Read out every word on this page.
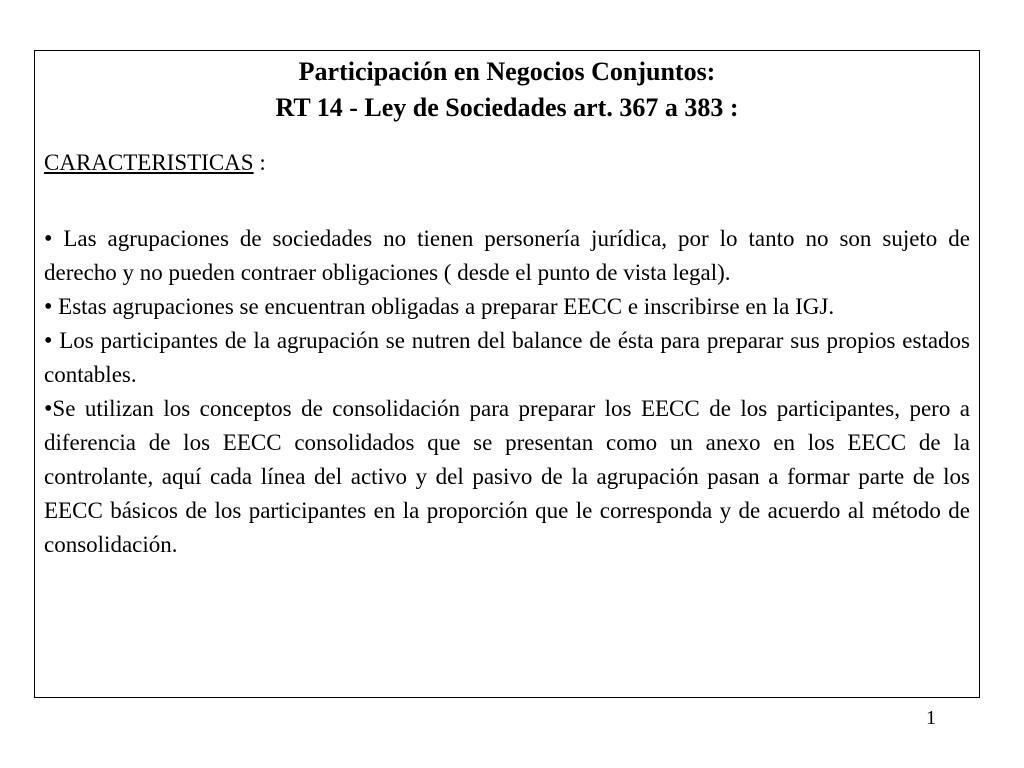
Participación en Negocios Conjuntos:
RT 14 - Ley de Sociedades art. 367 a 383 :

CARACTERISTICAS :

• Las agrupaciones de sociedades no tienen personería jurídica, por lo tanto no son sujeto de derecho y no pueden contraer obligaciones ( desde el punto de vista legal).

• Estas agrupaciones se encuentran obligadas a preparar EECC e inscribirse en la IGJ.

• Los participantes de la agrupación se nutren del balance de ésta para preparar sus propios estados contables.

•Se utilizan los conceptos de consolidación para preparar los EECC de los participantes, pero a diferencia de los EECC consolidados que se presentan como un anexo en los EECC de la controlante, aquí cada línea del activo y del pasivo de la agrupación pasan a formar parte de los EECC básicos de los participantes en la proporción que le corresponda y de acuerdo al método de consolidación.

1
